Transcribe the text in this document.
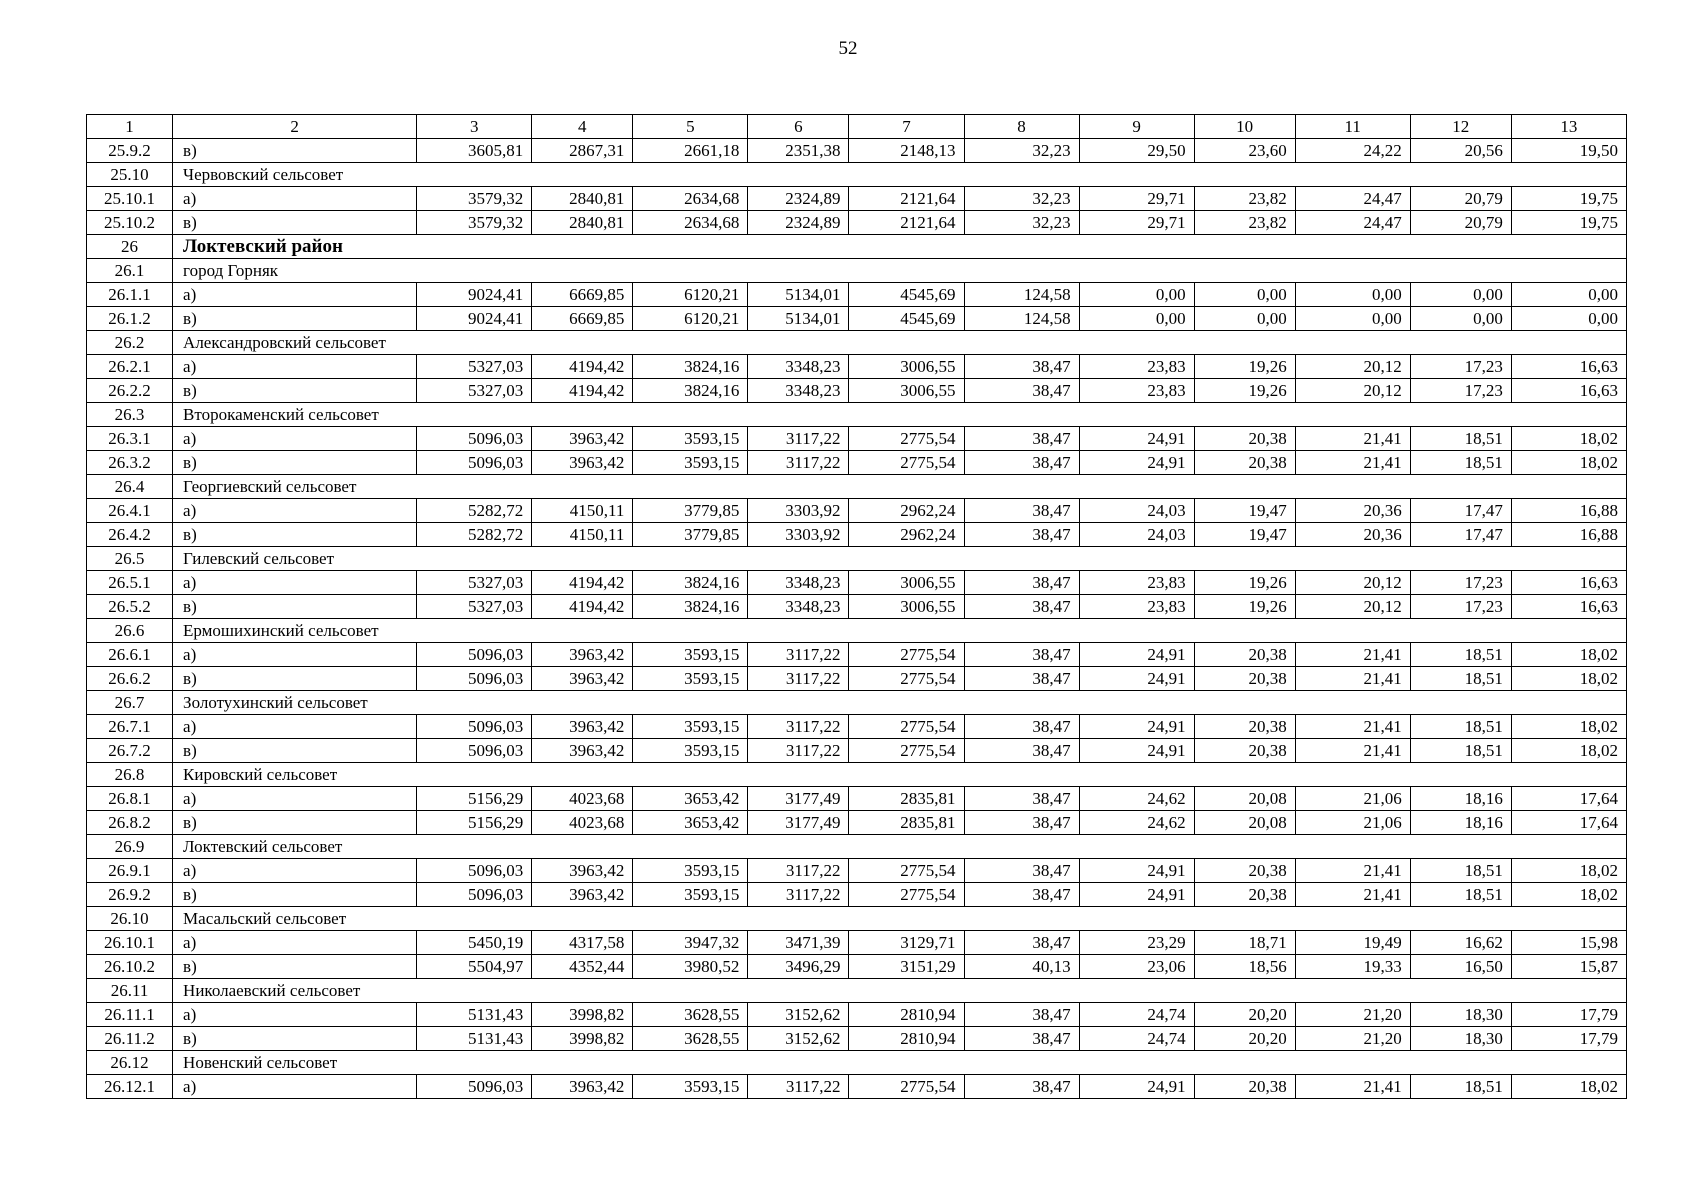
52
1	2	3	4	5	6	7	8	9	10	11	12	13
25.9.2	в)	3605,81	2867,31	2661,18	2351,38	2148,13	32,23	29,50	23,60	24,22	20,56	19,50
25.10	Червовский сельсовет											
25.10.1	а)	3579,32	2840,81	2634,68	2324,89	2121,64	32,23	29,71	23,82	24,47	20,79	19,75
25.10.2	в)	3579,32	2840,81	2634,68	2324,89	2121,64	32,23	29,71	23,82	24,47	20,79	19,75
26	Локтевский район											
26.1	город Горняк											
26.1.1	а)	9024,41	6669,85	6120,21	5134,01	4545,69	124,58	0,00	0,00	0,00	0,00	0,00
26.1.2	в)	9024,41	6669,85	6120,21	5134,01	4545,69	124,58	0,00	0,00	0,00	0,00	0,00
26.2	Александровский сельсовет											
26.2.1	а)	5327,03	4194,42	3824,16	3348,23	3006,55	38,47	23,83	19,26	20,12	17,23	16,63
26.2.2	в)	5327,03	4194,42	3824,16	3348,23	3006,55	38,47	23,83	19,26	20,12	17,23	16,63
26.3	Второкаменский сельсовет											
26.3.1	а)	5096,03	3963,42	3593,15	3117,22	2775,54	38,47	24,91	20,38	21,41	18,51	18,02
26.3.2	в)	5096,03	3963,42	3593,15	3117,22	2775,54	38,47	24,91	20,38	21,41	18,51	18,02
26.4	Георгиевский сельсовет											
26.4.1	а)	5282,72	4150,11	3779,85	3303,92	2962,24	38,47	24,03	19,47	20,36	17,47	16,88
26.4.2	в)	5282,72	4150,11	3779,85	3303,92	2962,24	38,47	24,03	19,47	20,36	17,47	16,88
26.5	Гилевский сельсовет											
26.5.1	а)	5327,03	4194,42	3824,16	3348,23	3006,55	38,47	23,83	19,26	20,12	17,23	16,63
26.5.2	в)	5327,03	4194,42	3824,16	3348,23	3006,55	38,47	23,83	19,26	20,12	17,23	16,63
26.6	Ермошихинский сельсовет											
26.6.1	а)	5096,03	3963,42	3593,15	3117,22	2775,54	38,47	24,91	20,38	21,41	18,51	18,02
26.6.2	в)	5096,03	3963,42	3593,15	3117,22	2775,54	38,47	24,91	20,38	21,41	18,51	18,02
26.7	Золотухинский сельсовет											
26.7.1	а)	5096,03	3963,42	3593,15	3117,22	2775,54	38,47	24,91	20,38	21,41	18,51	18,02
26.7.2	в)	5096,03	3963,42	3593,15	3117,22	2775,54	38,47	24,91	20,38	21,41	18,51	18,02
26.8	Кировский сельсовет											
26.8.1	а)	5156,29	4023,68	3653,42	3177,49	2835,81	38,47	24,62	20,08	21,06	18,16	17,64
26.8.2	в)	5156,29	4023,68	3653,42	3177,49	2835,81	38,47	24,62	20,08	21,06	18,16	17,64
26.9	Локтевский сельсовет											
26.9.1	а)	5096,03	3963,42	3593,15	3117,22	2775,54	38,47	24,91	20,38	21,41	18,51	18,02
26.9.2	в)	5096,03	3963,42	3593,15	3117,22	2775,54	38,47	24,91	20,38	21,41	18,51	18,02
26.10	Масальский сельсовет											
26.10.1	а)	5450,19	4317,58	3947,32	3471,39	3129,71	38,47	23,29	18,71	19,49	16,62	15,98
26.10.2	в)	5504,97	4352,44	3980,52	3496,29	3151,29	40,13	23,06	18,56	19,33	16,50	15,87
26.11	Николаевский сельсовет											
26.11.1	а)	5131,43	3998,82	3628,55	3152,62	2810,94	38,47	24,74	20,20	21,20	18,30	17,79
26.11.2	в)	5131,43	3998,82	3628,55	3152,62	2810,94	38,47	24,74	20,20	21,20	18,30	17,79
26.12	Новенский сельсовет											
26.12.1	а)	5096,03	3963,42	3593,15	3117,22	2775,54	38,47	24,91	20,38	21,41	18,51	18,02
